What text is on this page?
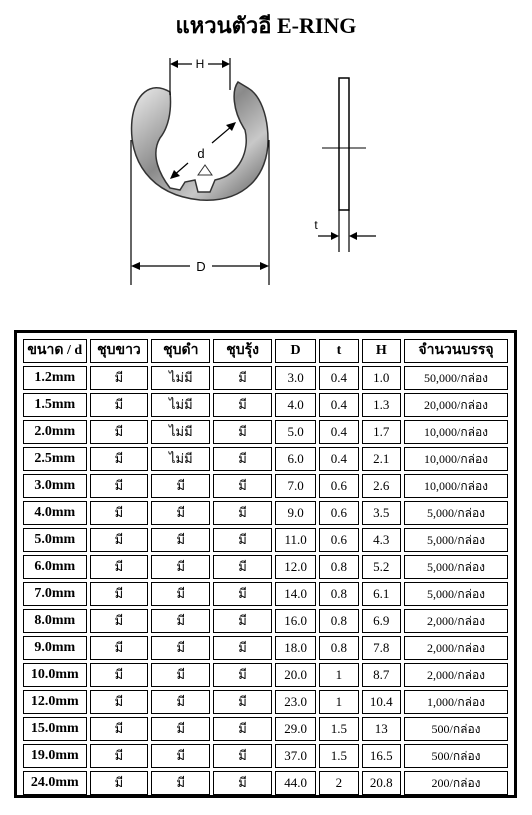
แหวนตัวอี E-RING
H
d
D
t
ขนาด / d	ชุบขาว	ชุบดำ	ชุบรุ้ง	D	t	H	จำนวนบรรจุ
1.2mm	มี	ไม่มี	มี	3.0	0.4	1.0	50,000/กล่อง
1.5mm	มี	ไม่มี	มี	4.0	0.4	1.3	20,000/กล่อง
2.0mm	มี	ไม่มี	มี	5.0	0.4	1.7	10,000/กล่อง
2.5mm	มี	ไม่มี	มี	6.0	0.4	2.1	10,000/กล่อง
3.0mm	มี	มี	มี	7.0	0.6	2.6	10,000/กล่อง
4.0mm	มี	มี	มี	9.0	0.6	3.5	5,000/กล่อง
5.0mm	มี	มี	มี	11.0	0.6	4.3	5,000/กล่อง
6.0mm	มี	มี	มี	12.0	0.8	5.2	5,000/กล่อง
7.0mm	มี	มี	มี	14.0	0.8	6.1	5,000/กล่อง
8.0mm	มี	มี	มี	16.0	0.8	6.9	2,000/กล่อง
9.0mm	มี	มี	มี	18.0	0.8	7.8	2,000/กล่อง
10.0mm	มี	มี	มี	20.0	1	8.7	2,000/กล่อง
12.0mm	มี	มี	มี	23.0	1	10.4	1,000/กล่อง
15.0mm	มี	มี	มี	29.0	1.5	13	500/กล่อง
19.0mm	มี	มี	มี	37.0	1.5	16.5	500/กล่อง
24.0mm	มี	มี	มี	44.0	2	20.8	200/กล่อง
